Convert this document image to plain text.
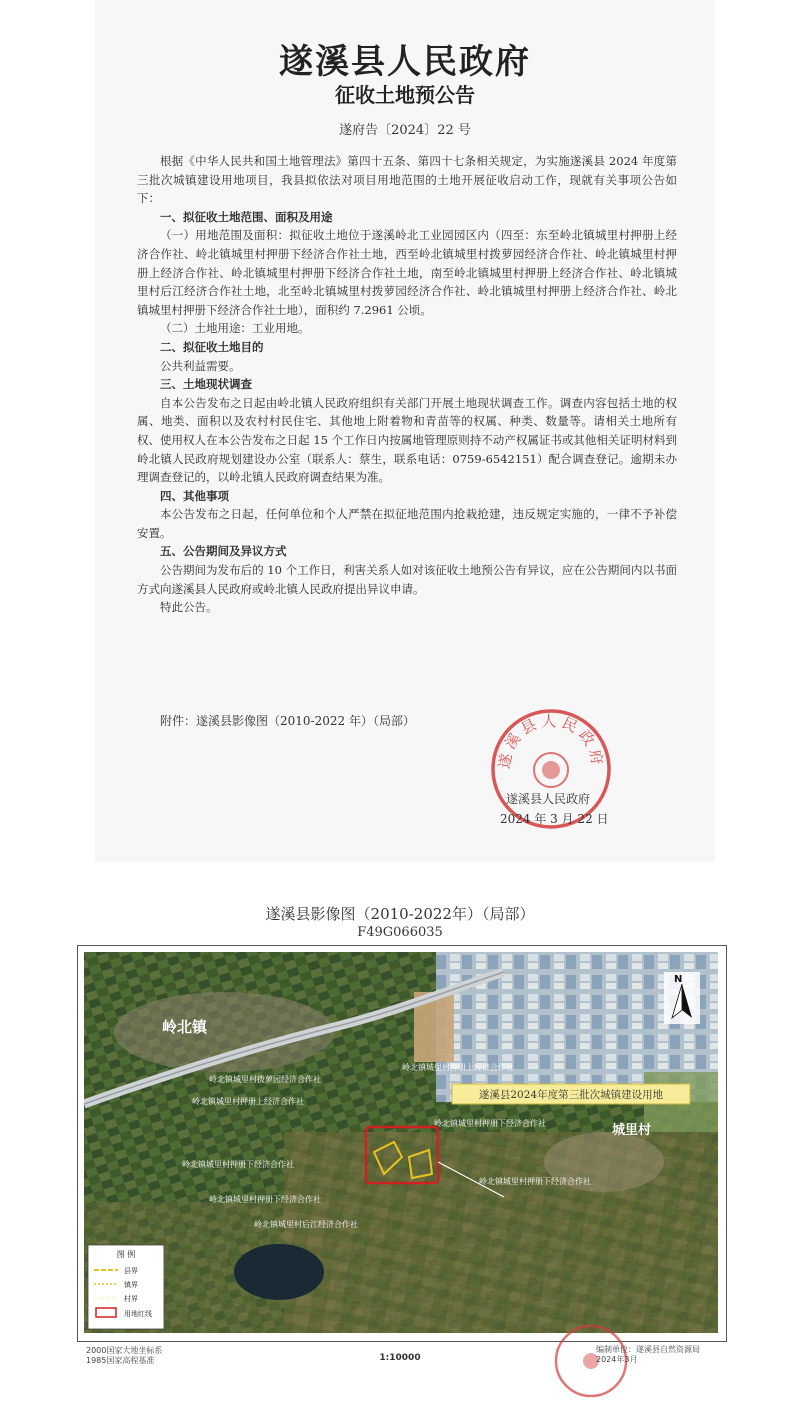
遂溪县人民政府
征收土地预公告
遂府告〔2024〕22 号

根据《中华人民共和国土地管理法》第四十五条、第四十七条相关规定，为实施遂溪县 2024 年度第三批次城镇建设用地项目，我县拟依法对项目用地范围的土地开展征收启动工作，现就有关事项公告如下：

一、拟征收土地范围、面积及用途

（一）用地范围及面积：拟征收土地位于遂溪岭北工业园园区内（四至：东至岭北镇城里村押册上经济合作社、岭北镇城里村押册下经济合作社土地，西至岭北镇城里村拨萝园经济合作社、岭北镇城里村押册上经济合作社、岭北镇城里村押册下经济合作社土地，南至岭北镇城里村押册上经济合作社、岭北镇城里村后江经济合作社土地，北至岭北镇城里村拨萝园经济合作社、岭北镇城里村押册上经济合作社、岭北镇城里村押册下经济合作社土地），面积约 7.2961 公顷。

（二）土地用途：工业用地。

二、拟征收土地目的

公共利益需要。

三、土地现状调查

自本公告发布之日起由岭北镇人民政府组织有关部门开展土地现状调查工作。调查内容包括土地的权属、地类、面积以及农村村民住宅、其他地上附着物和青苗等的权属、种类、数量等。请相关土地所有权、使用权人在本公告发布之日起 15 个工作日内按属地管理原则持不动产权属证书或其他相关证明材料到岭北镇人民政府规划建设办公室（联系人：蔡生，联系电话：0759-6542151）配合调查登记。逾期未办理调查登记的，以岭北镇人民政府调查结果为准。

四、其他事项

本公告发布之日起，任何单位和个人严禁在拟征地范围内抢栽抢建，违反规定实施的，一律不予补偿安置。

五、公告期间及异议方式

公告期间为发布后的 10 个工作日，利害关系人如对该征收土地预公告有异议，应在公告期间内以书面方式向遂溪县人民政府或岭北镇人民政府提出异议申请。

特此公告。

附件：遂溪县影像图（2010-2022 年）（局部）
遂溪县人民政府
遂溪县人民政府
2024 年 3 月 22 日
遂溪县影像图（2010-2022年）（局部）
F49G066035
遂溪县2024年度第三批次城镇建设用地
岭北镇
城里村
岭北镇城里村押册上经济合作社
岭北镇城里村拨萝园经济合作社
岭北镇城里村押册上经济合作社
岭北镇城里村押册下经济合作社
岭北镇城里村押册下经济合作社
岭北镇城里村押册下经济合作社
岭北镇城里村押册下经济合作社
岭北镇城里村后江经济合作社
N
图 例
县界
镇界
村界
用地红线
2000国家大地坐标系
1985国家高程基准	1:10000
编制单位：遂溪县自然资源局
2024年3月
